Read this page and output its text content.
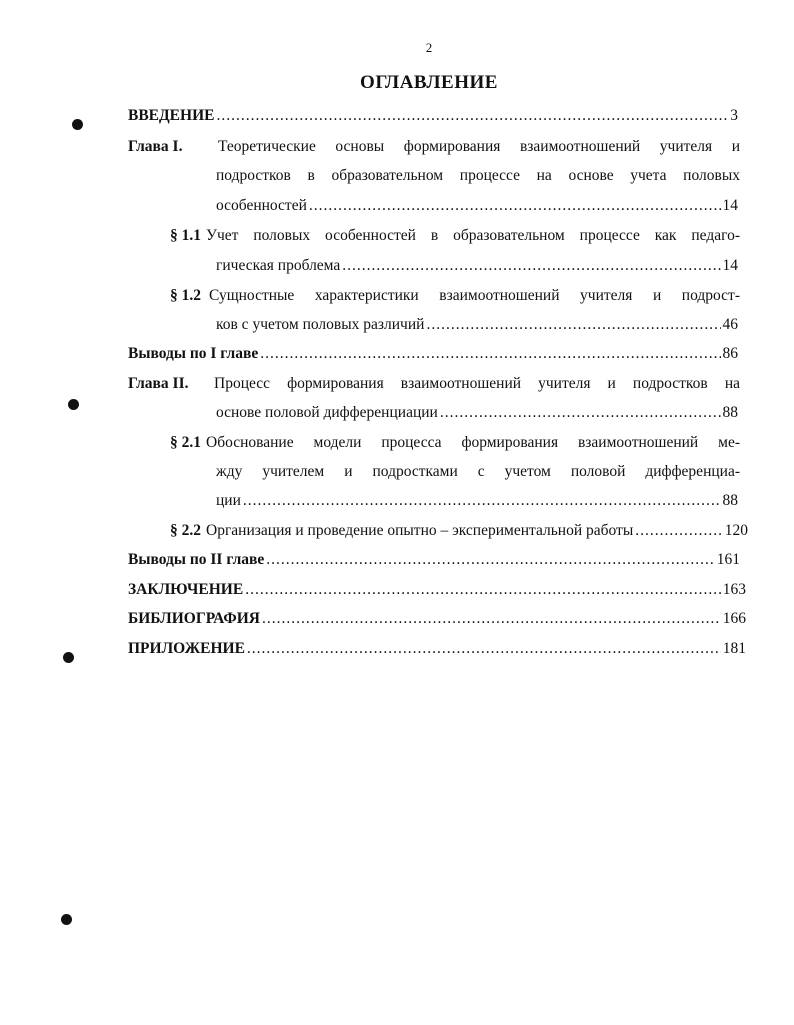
2
ОГЛАВЛЕНИЕ
ВВЕДЕНИЕ .....	3
Глава I.	Теоретические основы формирования взаимоотношений учителя и
подростков в образовательном процессе на основе учета половых
особенностей .....	14
§ 1.1 Учет половых особенностей в образовательном процессе как педаго-
гическая проблема .....	14
§ 1.2 Сущностные характеристики взаимоотношений учителя и подрост-
ков с учетом половых различий .....	46
Выводы по I главе .....	86
Глава II.	Процесс формирования взаимоотношений учителя и подростков на
основе половой дифференциации .....	88
§ 2.1 Обоснование модели процесса формирования взаимоотношений ме-
жду учителем и подростками с учетом половой дифференциа-
ции .....	88
§ 2.2 Организация и проведение опытно – экспериментальной работы .....	120
Выводы по II главе .....	161
ЗАКЛЮЧЕНИЕ .....	163
БИБЛИОГРАФИЯ .....	166
ПРИЛОЖЕНИЕ .....	181
